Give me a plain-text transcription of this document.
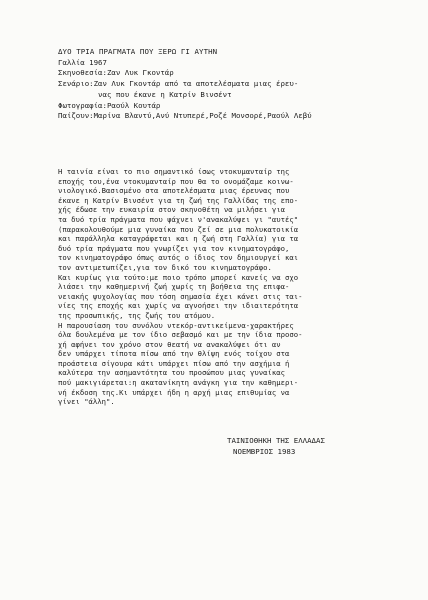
ΔΥΟ ΤΡΙΑ ΠΡΑΓΜΑΤΑ ΠΟΥ ΞΕΡΩ ΓΙ ΑΥΤΗΝ
Γαλλία 1967
Σκηνοθεσία:Ζαν Λυκ Γκοντάρ
Σενάριο:Ζαν Λυκ Γκοντάρ από τα αποτελέσματα μιας έρευ-
νας που έκανε η Κατρίν Βινσέντ
Φωτογραφία:Ραούλ Κουτάρ
Παίζουν:Μαρίνα Βλαντύ,Ανύ Ντυπερέ,Ροζέ Μονσορέ,Ραούλ Λεβύ
Η ταινία είναι το πιο σημαντικό ίσως ντοκυμανταίρ της
εποχής του,ένα ντοκυμανταίρ που θα το ονομάζαμε κοινω-
νιολογικό.Βασισμένο στα αποτελέσματα μιας έρευνας που
έκανε η Κατρίν Βινσέντ για τη ζωή της Γαλλίδας της επο-
χής έδωσε την ευκαιρία στον σκηνοθέτη να μιλήσει για
τα δυό τρία πράγματα που ψάχνει ν'αναкαλύψει γι "αυτές"
(παρακολουθούμε μια γυναίκα που ζεί σε μια πολυκατοικία
και παράλληλα καταγράφεται και η ζωή στη Γαλλία) για τα
δυό τρία πράγματα που γνωρίζει για τον κινηματογράφο,
τον κινηματογράφο όπως αυτός ο ίδιος τον δημιουργεί και
τον αντιμετωπίζει,για τον δικό του κινηματογράφο.
Και κυρίως για τούτο:με ποιο τρόπο μπορεί κανείς να σχο
λιάσει την καθημερινή ζωή χωρίς τη βοήθεια της επιφα-
νειακής ψυχολογίας που τόση σημασία έχει κάνει στις ται-
νίες της εποχής και χωρίς να αγνοήσει την ιδιαιτερότητα
της προσωπικής, της ζωής του ατόμου.
Η παρουσίαση του συνόλου ντεκόρ-αντικείμενα-χαρακτήρες
όλα δουλεμένα με τον ίδιο σεβασμό και με την ίδια προσο-
χή αφήνει τον χρόνο στον θεατή να αναкαλύψει ότι αν
δεν υπάρχει τίποτα πίσω από την θλίψη ενός τοίχου στα
προάστεια σίγουρα κάτι υπάρχει πίσω από την ασχήμια ή
καλύτερα την ασημαντότητα του προσώπου μιας γυναίκας
πού μακιγιάρεται:η ακατανίκητη ανάγκη για την καθημερι-
νή έκδοση της.Κι υπάρχει ήδη η αρχή μιας επιθυμίας να
γίνει "άλλη".
ΤΑΙΝΙΟΘΗΚΗ ΤΗΣ ΕΛΛΑΔΑΣ
ΝΟΕΜΒΡΙΟΣ 1983
